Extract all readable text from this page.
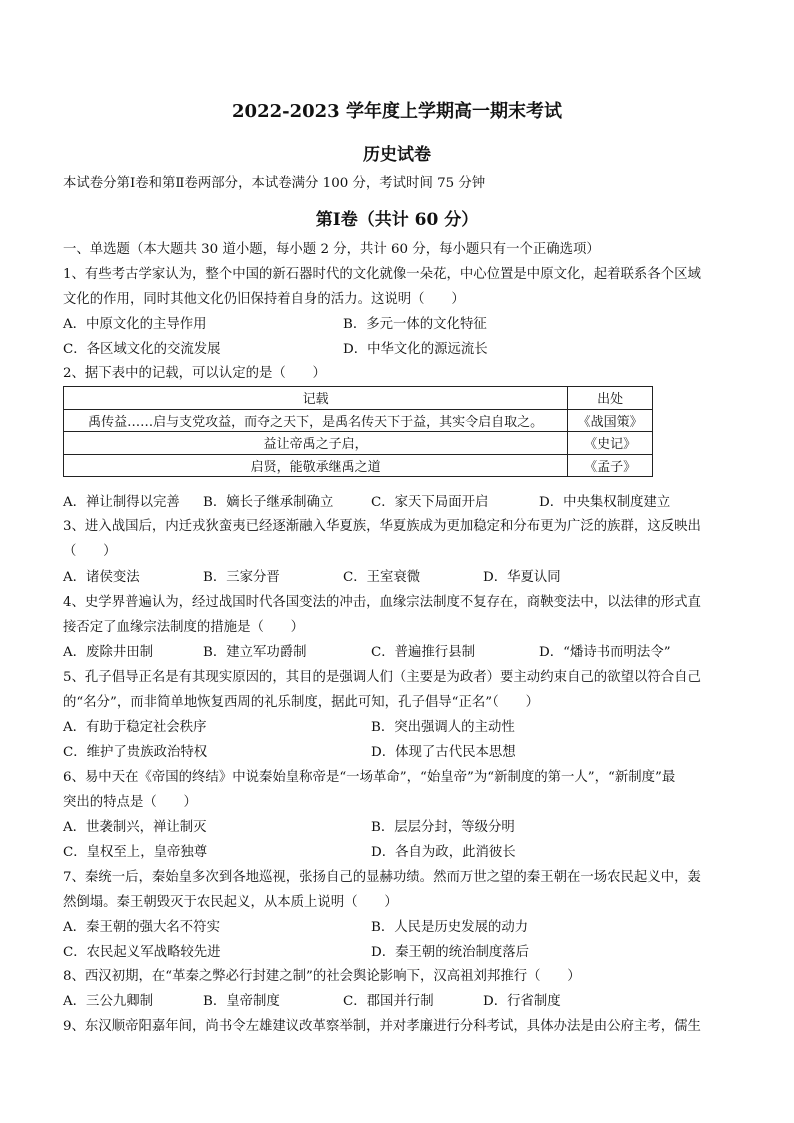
2022-2023 学年度上学期高一期末考试
历史试卷
本试卷分第Ⅰ卷和第Ⅱ卷两部分，本试卷满分 100 分，考试时间 75 分钟
第Ⅰ卷（共计 60 分）
一、单选题（本大题共 30 道小题，每小题 2 分，共计 60 分，每小题只有一个正确选项）
1、有些考古学家认为，整个中国的新石器时代的文化就像一朵花，中心位置是中原文化，起着联系各个区域
文化的作用，同时其他文化仍旧保持着自身的活力。这说明（　　）
A．中原文化的主导作用	B．多元一体的文化特征
C．各区域文化的交流发展	D．中华文化的源远流长
2、据下表中的记载，可以认定的是（　　）
记载	出处
禹传益……启与支党攻益，而夺之天下，是禹名传天下于益，其实令启自取之。	《战国策》
益让帝禹之子启，	《史记》
启贤，能敬承继禹之道	《孟子》
A．禅让制得以完善 B．嫡长子继承制确立	C．家天下局面开启	D．中央集权制度建立
3、进入战国后，内迁戎狄蛮夷已经逐渐融入华夏族，华夏族成为更加稳定和分布更为广泛的族群，这反映出
（　　）
A．诸侯变法	B．三家分晋	C．王室衰微	D．华夏认同
4、史学界普遍认为，经过战国时代各国变法的冲击，血缘宗法制度不复存在，商鞅变法中，以法律的形式直
接否定了血缘宗法制度的措施是（　　）
A．废除井田制	B．建立军功爵制	C．普遍推行县制	D．“燔诗书而明法令”
5、孔子倡导正名是有其现实原因的，其目的是强调人们（主要是为政者）要主动约束自己的欲望以符合自己
的“名分”，而非简单地恢复西周的礼乐制度，据此可知，孔子倡导“正名”（　　）
A．有助于稳定社会秩序	B．突出强调人的主动性
C．维护了贵族政治特权	D．体现了古代民本思想
6、易中天在《帝国的终结》中说秦始皇称帝是“一场革命”，“始皇帝”为“新制度的第一人”，“新制度”最
突出的特点是（　　）
A．世袭制兴，禅让制灭	B．层层分封，等级分明
C．皇权至上，皇帝独尊	D．各自为政，此消彼长
7、秦统一后，秦始皇多次到各地巡视，张扬自己的显赫功绩。然而万世之望的秦王朝在一场农民起义中，轰
然倒塌。秦王朝毁灭于农民起义，从本质上说明（　　）
A．秦王朝的强大名不符实	B．人民是历史发展的动力
C．农民起义军战略较先进	D．秦王朝的统治制度落后
8、西汉初期，在“革秦之弊必行封建之制”的社会舆论影响下，汉高祖刘邦推行（　　）
A．三公九卿制	B．皇帝制度	C．郡国并行制	D．行省制度
9、东汉顺帝阳嘉年间，尚书令左雄建议改革察举制，并对孝廉进行分科考试，具体办法是由公府主考，儒生
